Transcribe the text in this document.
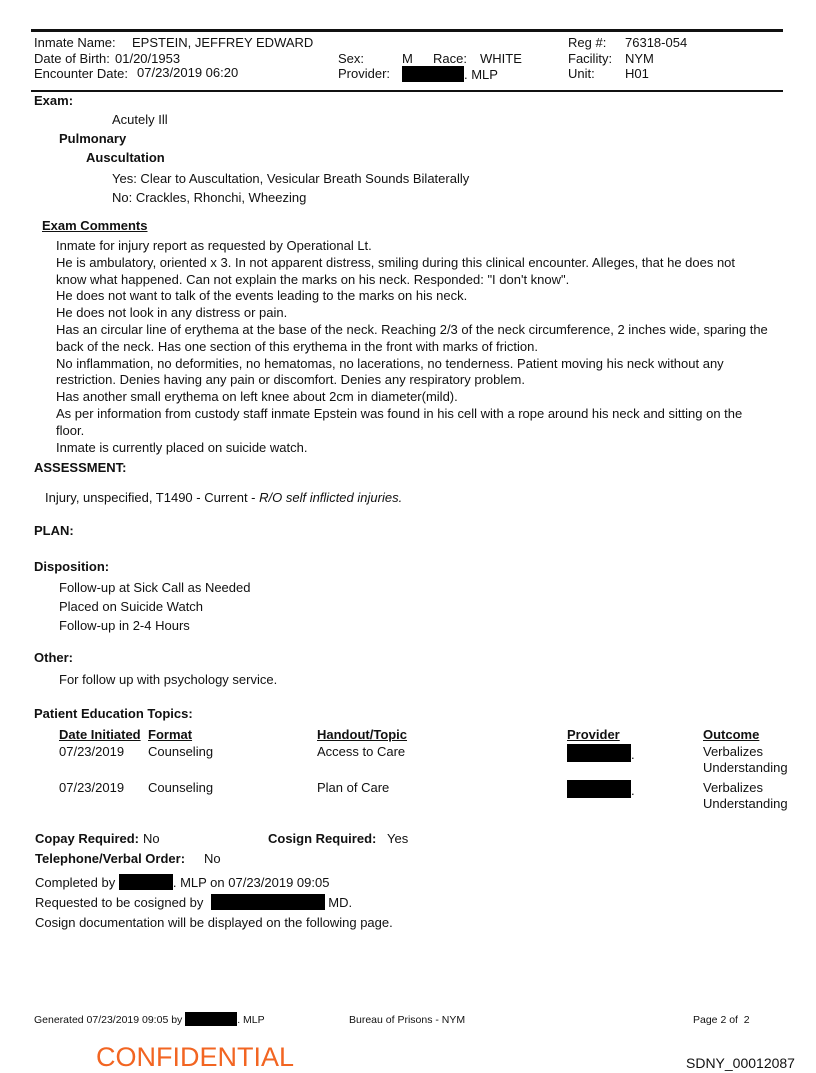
Inmate Name: EPSTEIN, JEFFREY EDWARD
Date of Birth: 01/20/1953
Encounter Date: 07/23/2019 06:20
Sex:	M Race: WHITE
Provider:	. MLP
Reg #: 76318-054
Facility: NYM
Unit: H01
Exam:
Acutely Ill
Pulmonary
Auscultation
Yes: Clear to Auscultation, Vesicular Breath Sounds Bilaterally
No: Crackles, Rhonchi, Wheezing
Exam Comments
Inmate for injury report as requested by Operational Lt.
He is ambulatory, oriented x 3. In not apparent distress, smiling during this clinical encounter. Alleges, that he does not know what happened. Can not explain the marks on his neck. Responded: "I don't know".
He does not want to talk of the events leading to the marks on his neck.
He does not look in any distress or pain.
Has an circular line of erythema at the base of the neck. Reaching 2/3 of the neck circumference, 2 inches wide, sparing the back of the neck. Has one section of this erythema in the front with marks of friction.
No inflammation, no deformities, no hematomas, no lacerations, no tenderness. Patient moving his neck without any restriction. Denies having any pain or discomfort. Denies any respiratory problem.
Has another small erythema on left knee about 2cm in diameter(mild).
As per information from custody staff inmate Epstein was found in his cell with a rope around his neck and sitting on the floor.
Inmate is currently placed on suicide watch.
ASSESSMENT:
Injury, unspecified, T1490 - Current - R/O self inflicted injuries.
PLAN:
Disposition:
Follow-up at Sick Call as Needed
Placed on Suicide Watch
Follow-up in 2-4 Hours
Other:
For follow up with psychology service.
Patient Education Topics:
Date Initiated Format	Handout/Topic	Provider	Outcome
07/23/2019 Counseling	Access to Care	.	Verbalizes
Understanding
07/23/2019 Counseling	Plan of Care	.	Verbalizes
Understanding
Copay Required: No	Cosign Required: Yes
Telephone/Verbal Order: No
Completed by	. MLP on 07/23/2019 09:05
Requested to be cosigned by	MD.
Cosign documentation will be displayed on the following page.
Generated 07/23/2019 09:05 by	. MLP	Bureau of Prisons - NYM	Page 2 of  2
CONFIDENTIAL	SDNY_00012087
